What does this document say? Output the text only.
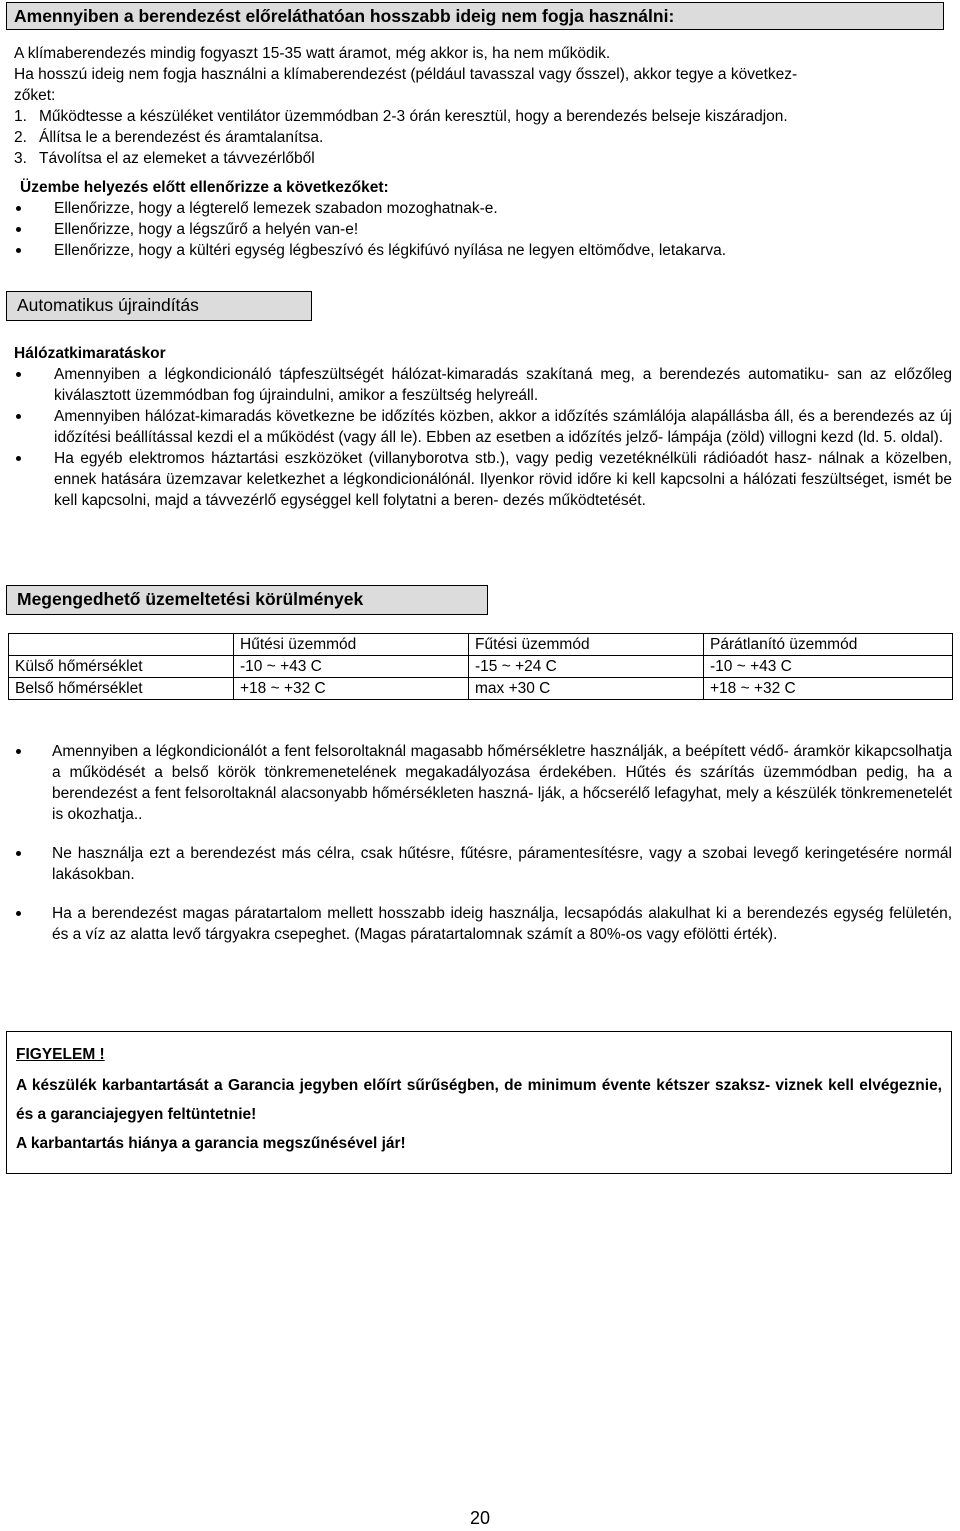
Amennyiben a berendezést előreláthatóan hosszabb ideig nem fogja használni:

A klímaberendezés mindig fogyaszt 15-35 watt áramot, még akkor is, ha nem működik.

Ha hosszú ideig nem fogja használni a klímaberendezést (például tavasszal vagy ősszel), akkor tegye a következ-

zőket:

1. Működtesse a készüléket ventilátor üzemmódban 2-3 órán keresztül, hogy a berendezés belseje kiszáradjon.

2. Állítsa le a berendezést és áramtalanítsa.

3. Távolítsa el az elemeket a távvezérlőből

Üzembe helyezés előtt ellenőrizze a következőket:

Ellenőrizze, hogy a légterelő lemezek szabadon mozoghatnak-e.
Ellenőrizze, hogy a légszűrő a helyén van-e!
Ellenőrizze, hogy a kültéri egység légbeszívó és légkifúvó nyílása ne legyen eltömődve, letakarva.
Automatikus újraindítás

Hálózatkimaratáskor

Amennyiben a légkondicionáló tápfeszültségét hálózat-kimaradás szakítaná meg, a berendezés automatiku- san az előzőleg kiválasztott üzemmódban fog újraindulni, amikor a feszültség helyreáll.
Amennyiben hálózat-kimaradás következne be időzítés közben, akkor a időzítés számlálója alapállásba áll, és a berendezés az új időzítési beállítással kezdi el a működést (vagy áll le). Ebben az esetben a időzítés jelző- lámpája (zöld) villogni kezd (ld. 5. oldal).
Ha egyéb elektromos háztartási eszközöket (villanyborotva stb.), vagy pedig vezetéknélküli rádióadót hasz- nálnak a közelben, ennek hatására üzemzavar keletkezhet a légkondicionálónál. Ilyenkor rövid időre ki kell kapcsolni a hálózati feszültséget, ismét be kell kapcsolni, majd a távvezérlő egységgel kell folytatni a beren- dezés működtetését.
Megengedhető üzemeltetési körülmények
	Hűtési üzemmód	Fűtési üzemmód	Párátlanító üzemmód
Külső hőmérséklet	-10 ~ +43 C	-15 ~ +24 C	-10 ~ +43 C
Belső hőmérséklet	+18 ~ +32 C	max +30 C	+18 ~ +32 C
Amennyiben a légkondicionálót a fent felsoroltaknál magasabb hőmérsékletre használják, a beépített védő- áramkör kikapcsolhatja a működését a belső körök tönkremenetelének megakadályozása érdekében. Hűtés és szárítás üzemmódban pedig, ha a berendezést a fent felsoroltaknál alacsonyabb hőmérsékleten haszná- lják, a hőcserélő lefagyhat, mely a készülék tönkremenetelét is okozhatja..
Ne használja ezt a berendezést más célra, csak hűtésre, fűtésre, páramentesítésre, vagy a szobai levegő keringetésére normál lakásokban.
Ha a berendezést magas páratartalom mellett hosszabb ideig használja, lecsapódás alakulhat ki a berendezés egység felületén, és a víz az alatta levő tárgyakra csepeghet. (Magas páratartalomnak számít a 80%-os vagy efölötti érték).

FIGYELEM !

A készülék karbantartását a Garancia jegyben előírt sűrűségben, de minimum évente kétszer szaksz- viznek kell elvégeznie, és a garanciajegyen feltüntetnie!

A karbantartás hiánya a garancia megszűnésével jár!

20
